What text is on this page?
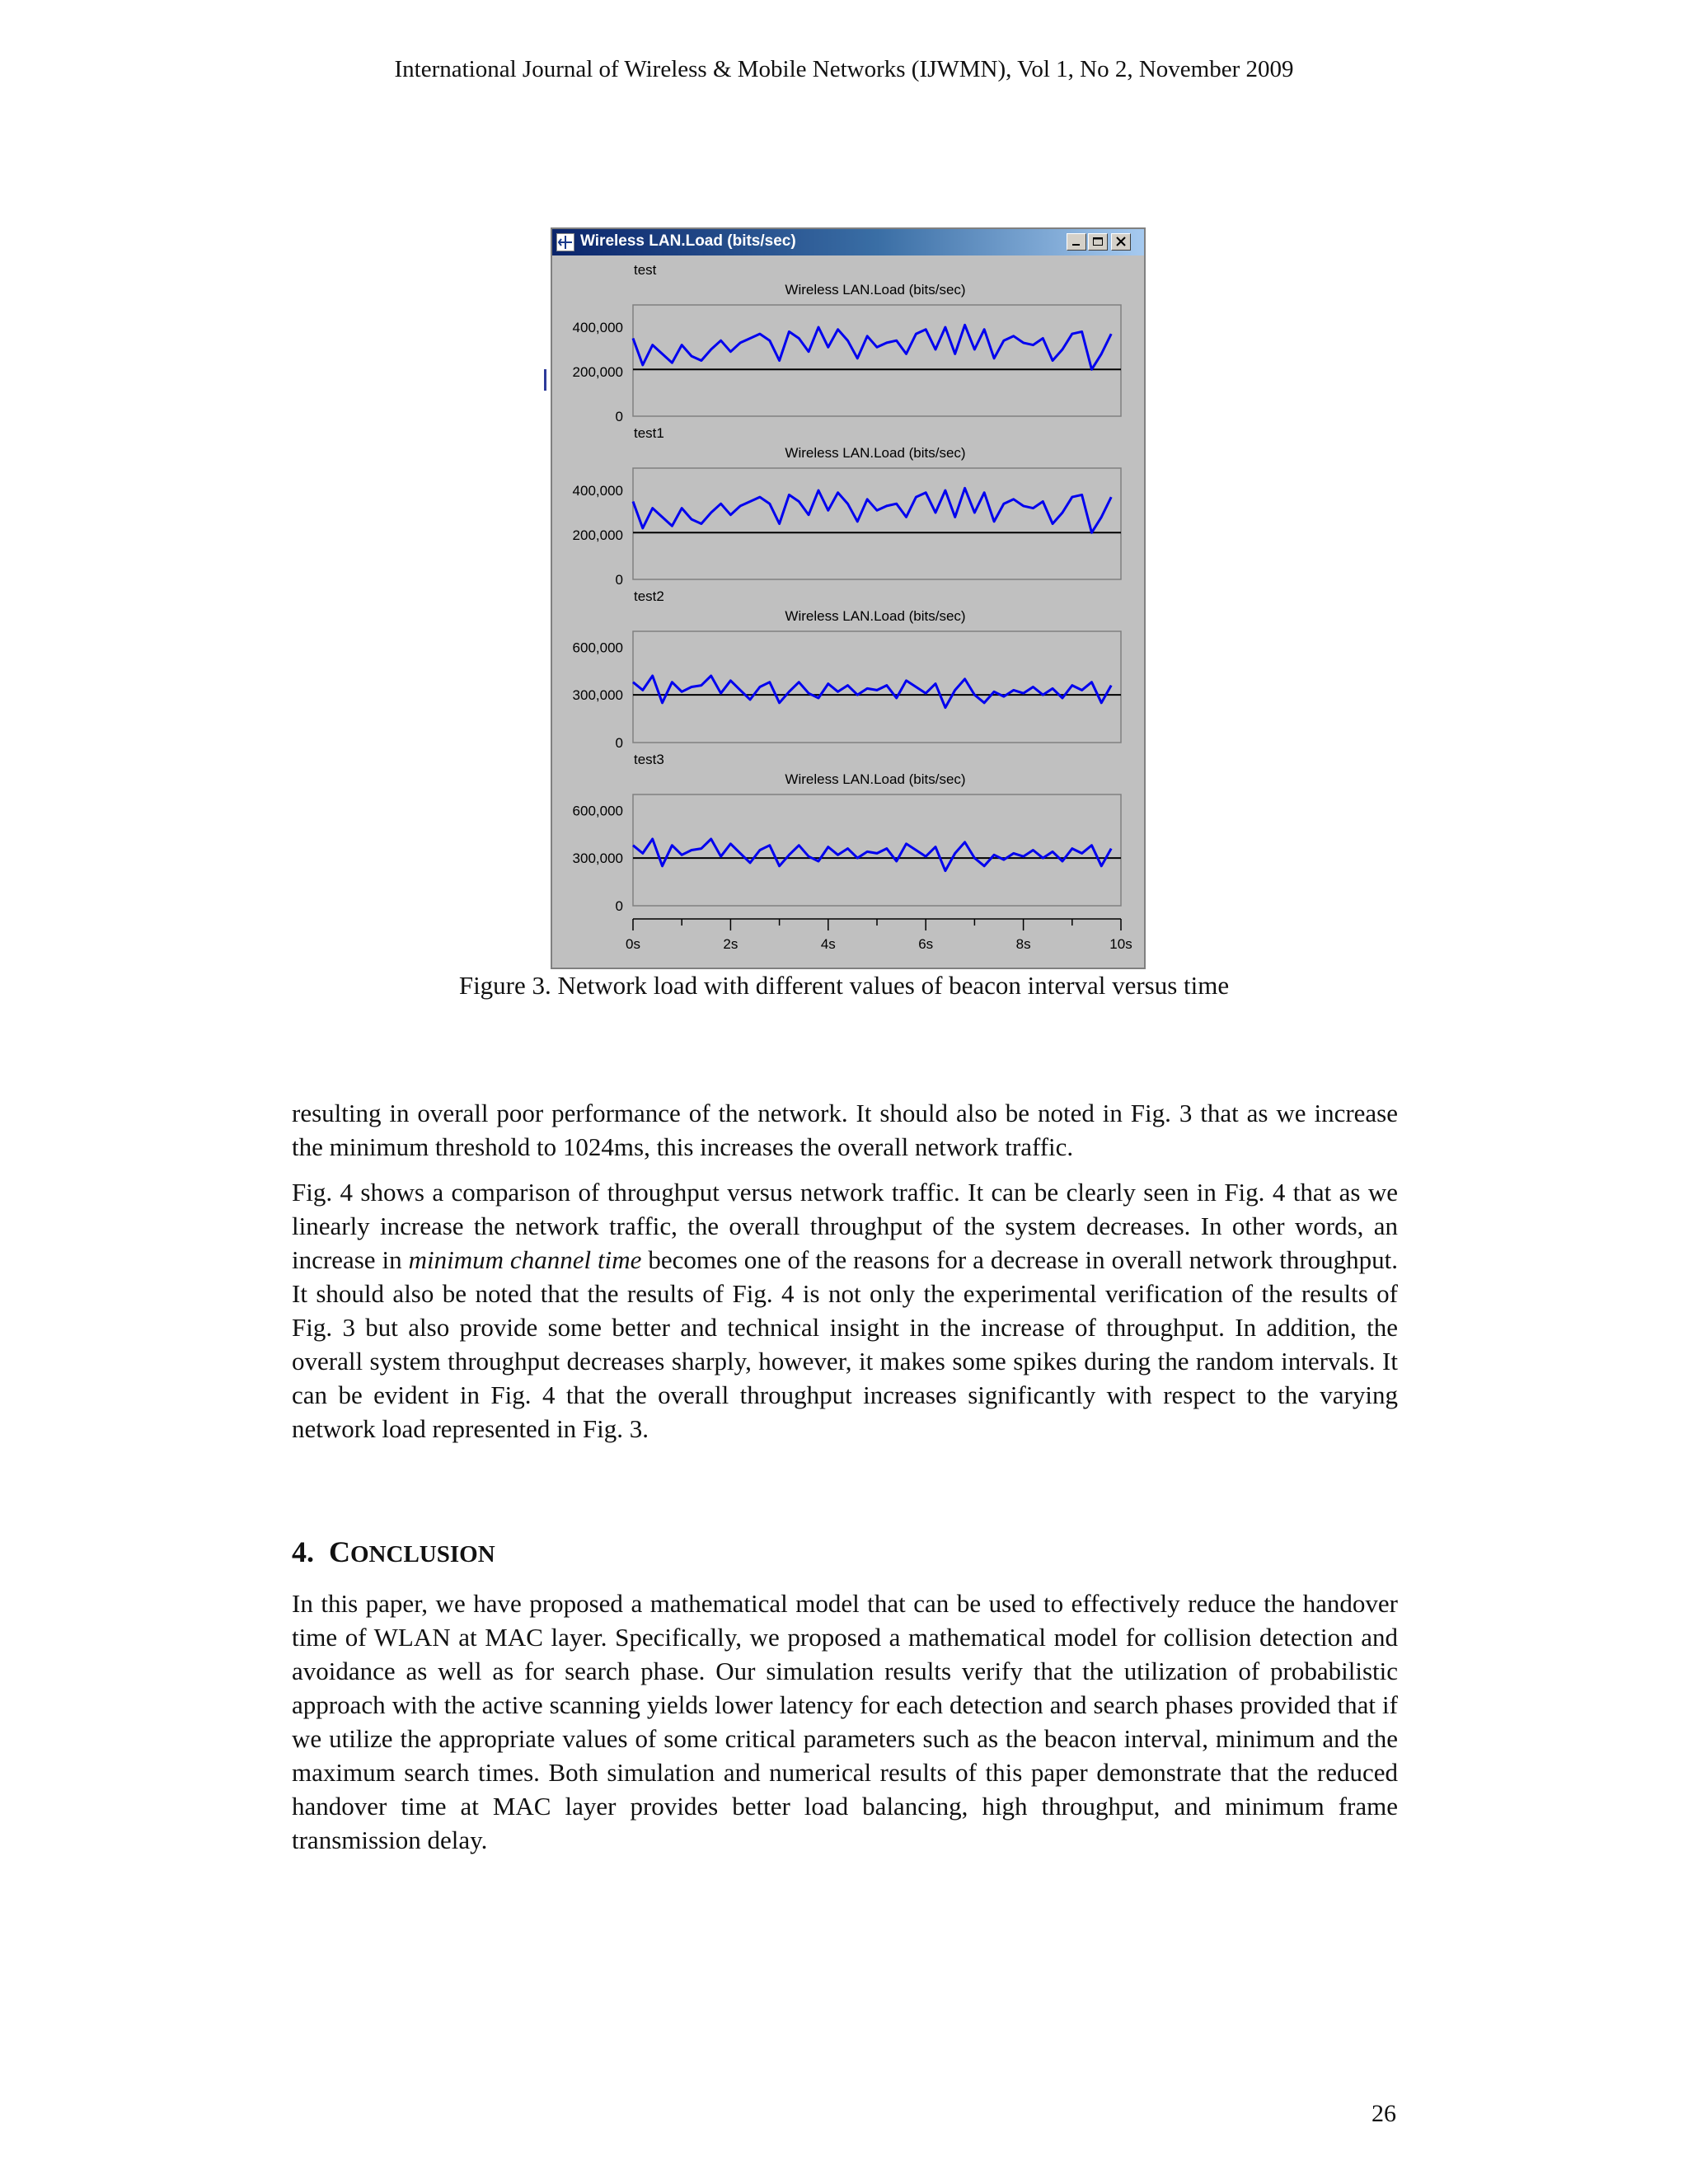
International Journal of Wireless & Mobile Networks (IJWMN), Vol 1, No 2, November 2009
Wireless LAN.Load (bits/sec)
test
Wireless LAN.Load (bits/sec)
400,000
200,000
0
test1
Wireless LAN.Load (bits/sec)
400,000
200,000
0
test2
Wireless LAN.Load (bits/sec)
600,000
300,000
0
test3
Wireless LAN.Load (bits/sec)
600,000
300,000
0
0s	2s	4s	6s	8s	10s
Figure 3. Network load with different values of beacon interval versus time

resulting in overall poor performance of the network. It should also be noted in Fig. 3 that as we increase the minimum threshold to 1024ms, this increases the overall network traffic.

Fig. 4 shows a comparison of throughput versus network traffic. It can be clearly seen in Fig. 4 that as we linearly increase the network traffic, the overall throughput of the system decreases. In other words, an increase in minimum channel time becomes one of the reasons for a decrease in overall network throughput. It should also be noted that the results of Fig. 4 is not only the experimental verification of the results of Fig. 3 but also provide some better and technical insight in the increase of throughput. In addition, the overall system throughput decreases sharply, however, it makes some spikes during the random intervals. It can be evident in Fig. 4 that the overall throughput increases significantly with respect to the varying network load represented in Fig. 3.

4. CONCLUSION

In this paper, we have proposed a mathematical model that can be used to effectively reduce the handover time of WLAN at MAC layer. Specifically, we proposed a mathematical model for collision detection and avoidance as well as for search phase. Our simulation results verify that the utilization of probabilistic approach with the active scanning yields lower latency for each detection and search phases provided that if we utilize the appropriate values of some critical parameters such as the beacon interval, minimum and the maximum search times. Both simulation and numerical results of this paper demonstrate that the reduced handover time at MAC layer provides better load balancing, high throughput, and minimum frame transmission delay.

26
